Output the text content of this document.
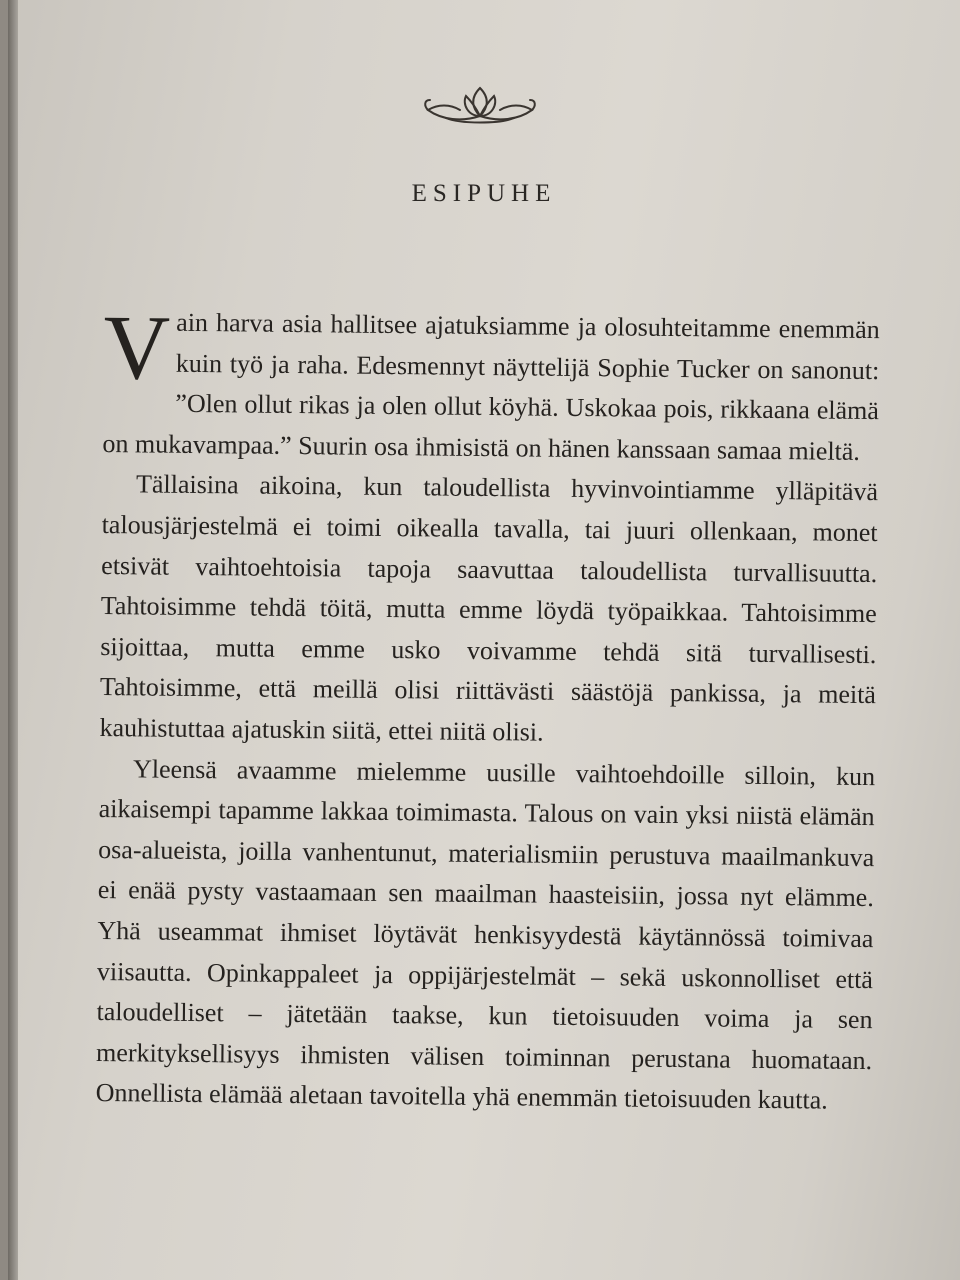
ESIPUHE

Vain harva asia hallitsee ajatuksiamme ja olosuhteitamme enemmän kuin työ ja raha. Edesmennyt näyttelijä Sophie Tucker on sanonut: ”Olen ollut rikas ja olen ollut köyhä. Uskokaa pois, rikkaana elämä on mukavampaa.” Suurin osa ihmisistä on hänen kanssaan samaa mieltä.

Tällaisina aikoina, kun taloudellista hyvinvointiamme ylläpitävä talousjärjestelmä ei toimi oikealla tavalla, tai juuri ollenkaan, monet etsivät vaihtoehtoisia tapoja saavuttaa taloudellista turvallisuutta. Tahtoisimme tehdä töitä, mutta emme löydä työpaikkaa. Tahtoisimme sijoittaa, mutta emme usko voivamme tehdä sitä turvallisesti. Tahtoisimme, että meillä olisi riittävästi säästöjä pankissa, ja meitä kauhistuttaa ajatuskin siitä, ettei niitä olisi.

Yleensä avaamme mielemme uusille vaihtoehdoille silloin, kun aikaisempi tapamme lakkaa toimimasta. Talous on vain yksi niistä elämän osa-alueista, joilla vanhentunut, materialismiin perustuva maailmankuva ei enää pysty vastaamaan sen maailman haasteisiin, jossa nyt elämme. Yhä useammat ihmiset löytävät henkisyydestä käytännössä toimivaa viisautta. Opinkappaleet ja oppijärjestelmät – sekä uskonnolliset että taloudelliset – jätetään taakse, kun tietoisuuden voima ja sen merkityksellisyys ihmisten välisen toiminnan perustana huomataan. Onnellista elämää aletaan tavoitella yhä enemmän tietoisuuden kautta.
